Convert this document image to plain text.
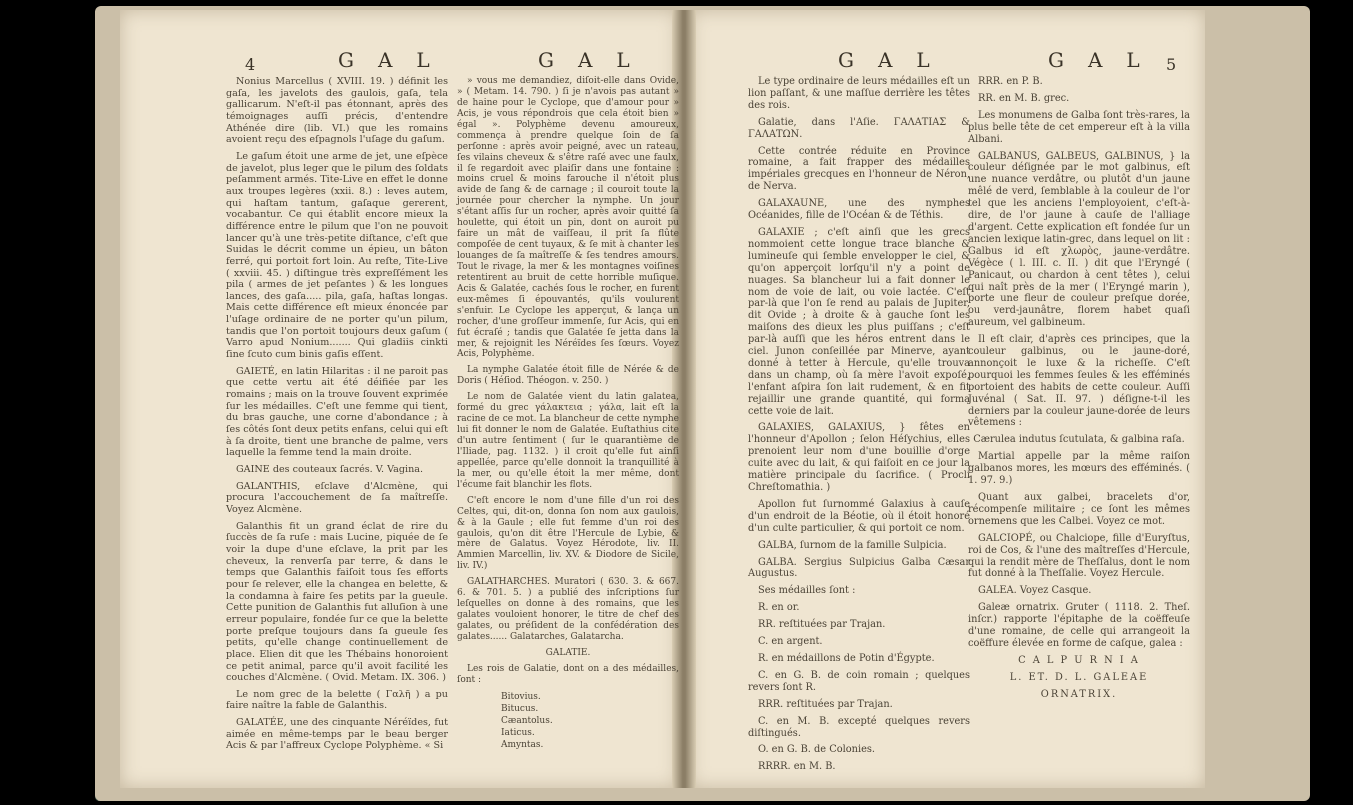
4	GAL	GAL	GAL	GAL 5

Nonius Marcellus ( XVIII. 19. ) définit les gaſa, les javelots des gaulois, gaſa, tela gallicarum. N'eſt-il pas étonnant, après des témoignages auſſi précis, d'entendre Athénée dire (lib. VI.) que les romains avoient reçu des eſpagnols l'uſage du gaſum.

Le gaſum étoit une arme de jet, une eſpèce de javelot, plus leger que le pilum des ſoldats peſamment armés. Tite-Live en effet le donne aux troupes legères (xxii. 8.) : leves autem, qui haſtam tantum, gaſaque gererent, vocabantur. Ce qui établit encore mieux la différence entre le pilum que l'on ne pouvoit lancer qu'à une très-petite diſtance, c'eſt que Suidas le décrit comme un épieu, un bâton ferré, qui portoit fort loin. Au reſte, Tite-Live ( xxviii. 45. ) diſtingue très expreſſément les pila ( armes de jet peſantes ) & les longues lances, des gaſa..... pila, gaſa, haſtas longas. Mais cette différence eſt mieux énoncée par l'uſage ordinaire de ne porter qu'un pilum, tandis que l'on portoit toujours deux gaſum ( Varro apud Nonium....... Qui gladiis cinkti ſine ſcuto cum binis gaſis eſſent.

GAIETÉ, en latin Hilaritas : il ne paroit pas que cette vertu ait été déifiée par les romains ; mais on la trouve ſouvent exprimée ſur les médailles. C'eſt une femme qui tient, du bras gauche, une corne d'abondance ; à ſes côtés ſont deux petits enfans, celui qui eſt à ſa droite, tient une branche de palme, vers laquelle la femme tend la main droite.

GAINE des couteaux ſacrés. V. Vagina.

GALANTHIS, eſclave d'Alcmène, qui procura l'accouchement de ſa maîtreſſe. Voyez Alcmène.

Galanthis fit un grand éclat de rire du ſuccès de ſa ruſe : mais Lucine, piquée de ſe voir la dupe d'une eſclave, la prit par les cheveux, la renverſa par terre, & dans le temps que Galanthis faiſoit tous ſes efforts pour ſe relever, elle la changea en belette, & la condamna à faire ſes petits par la gueule. Cette punition de Galanthis fut alluſion à une erreur populaire, fondée ſur ce que la belette porte preſque toujours dans ſa gueule ſes petits, qu'elle change continuellement de place. Elien dit que les Thébains honoroient ce petit animal, parce qu'il avoit facilité les couches d'Alcmène. ( Ovid. Metam. IX. 306. )

Le nom grec de la belette ( Γαλῆ ) a pu faire naître la fable de Galanthis.

GALATÉE, une des cinquante Néréïdes, fut aimée en même-temps par le beau berger Acis & par l'affreux Cyclope Polyphème. « Si

» vous me demandiez, diſoit-elle dans Ovide, » ( Metam. 14. 790. ) ſi je n'avois pas autant » de haine pour le Cyclope, que d'amour pour » Acis, je vous répondrois que cela étoit bien » égal ». Polyphème devenu amoureux, commença à prendre quelque ſoin de ſa perſonne : après avoir peigné, avec un rateau, ſes vilains cheveux & s'être raſé avec une faulx, il ſe regardoit avec plaiſir dans une fontaine : moins cruel & moins farouche il n'étoit plus avide de ſang & de carnage ; il couroit toute la journée pour chercher la nymphe. Un jour s'étant aſſis ſur un rocher, après avoir quitté ſa houlette, qui étoit un pin, dont on auroit pu faire un mât de vaiſſeau, il prit ſa flûte compoſée de cent tuyaux, & ſe mit à chanter les louanges de ſa maîtreſſe & ſes tendres amours. Tout le rivage, la mer & les montagnes voiſines retentirent au bruit de cette horrible muſique. Acis & Galatée, cachés ſous le rocher, en furent eux-mêmes ſi épouvantés, qu'ils voulurent s'enfuir. Le Cyclope les apperçut, & lança un rocher, d'une groſſeur immenſe, ſur Acis, qui en fut écraſé ; tandis que Galatée ſe jetta dans la mer, & rejoignit les Néréïdes ſes ſœurs. Voyez Acis, Polyphème.

La nymphe Galatée étoit fille de Nérée & de Doris ( Héſiod. Théogon. v. 250. )

Le nom de Galatée vient du latin galatea, formé du grec γάλακτεια ; γάλα, lait eſt la racine de ce mot. La blancheur de cette nymphe lui fit donner le nom de Galatée. Euſtathius cite d'un autre ſentiment ( ſur le quarantième de l'Iliade, pag. 1132. ) il croit qu'elle fut ainſi appellée, parce qu'elle donnoit la tranquillité à la mer, ou qu'elle étoit la mer même, dont l'écume fait blanchir les flots.

C'eſt encore le nom d'une fille d'un roi des Celtes, qui, dit-on, donna ſon nom aux gaulois, & à la Gaule ; elle fut femme d'un roi des gaulois, qu'on dit être l'Hercule de Lybie, & mère de Galatus. Voyez Hérodote, liv. II. Ammien Marcellin, liv. XV. & Diodore de Sicile, liv. IV.)

GALATHARCHES. Muratori ( 630. 3. & 667. 6. & 701. 5. ) a publié des inſcriptions ſur leſquelles on donne à des romains, que les galates vouloient honorer, le titre de chef des galates, ou préſident de la confédération des galates...... Galatarches, Galatarcha.

GALATIE.

Les rois de Galatie, dont on a des médailles, ſont :

Bitovius.
Bitucus.
Cæantolus.
Iaticus.
Amyntas.

Le type ordinaire de leurs médailles eſt un lion paſſant, & une maſſue derrière les têtes des rois.

Galatie, dans l'Aſie. ΓΑΛΑΤΙΑΣ & ΓΑΛΑΤΩΝ.

Cette contrée réduite en Province romaine, a fait frapper des médailles impériales grecques en l'honneur de Néron, de Nerva.

GALAXAUNE, une des nymphes Océanides, fille de l'Océan & de Téthis.

GALAXIE ; c'eſt ainſi que les grecs nommoient cette longue trace blanche & lumineuſe qui ſemble envelopper le ciel, & qu'on apperçoit lorſqu'il n'y a point de nuages. Sa blancheur lui a fait donner le nom de voie de lait, ou voie lactée. C'eſt par-là que l'on ſe rend au palais de Jupiter, dit Ovide ; à droite & à gauche ſont les maiſons des dieux les plus puiſſans ; c'eſt par-là auſſi que les héros entrent dans le ciel. Junon conſeillée par Minerve, ayant donné à tetter à Hercule, qu'elle trouva dans un champ, où ſa mère l'avoit expoſé, l'enfant aſpira ſon lait rudement, & en fit rejaillir une grande quantité, qui forma cette voie de lait.

GALAXIES, GALAXIUS, } fêtes en l'honneur d'Apollon ; ſelon Héſychius, elles prenoient leur nom d'une bouillie d'orge cuite avec du lait, & qui faiſoit en ce jour la matière principale du ſacrifice. ( Procli Chreſtomathia. )

Apollon fut ſurnommé Galaxius à cauſe d'un endroit de la Béotie, où il étoit honoré d'un culte particulier, & qui portoit ce nom.

GALBA, ſurnom de la famille Sulpicia.

GALBA. Sergius Sulpicius Galba Cæsar Augustus.

Ses médailles ſont :

R. en or.

RR. reſtituées par Trajan.

C. en argent.

R. en médaillons de Potin d'Égypte.

C. en G. B. de coin romain ; quelques revers ſont R.

RRR. reſtituées par Trajan.

C. en M. B. excepté quelques revers diſtingués.

O. en G. B. de Colonies.

RRRR. en M. B.

RRR. en P. B.

RR. en M. B. grec.

Les monumens de Galba ſont très-rares, la plus belle tête de cet empereur eſt à la villa Albani.

GALBANUS, GALBEUS, GALBINUS, } la couleur déſignée par le mot galbinus, eſt une nuance verdâtre, ou plutôt d'un jaune mêlé de verd, ſemblable à la couleur de l'or tel que les anciens l'employoient, c'eſt-à-dire, de l'or jaune à cauſe de l'alliage d'argent. Cette explication eſt fondée ſur un ancien lexique latin-grec, dans lequel on lit : Galbus id eſt χλωρὸς, jaune-verdâtre. Végèce ( l. III. c. II. ) dit que l'Eryngé ( Panicaut, ou chardon à cent têtes ), celui qui naît près de la mer ( l'Eryngé marin ), porte une fleur de couleur preſque dorée, ou verd-jaunâtre, florem habet quaſi aureum, vel galbineum.

Il eſt clair, d'après ces principes, que la couleur galbinus, ou le jaune-doré, annonçoit le luxe & la richeſſe. C'eſt pourquoi les femmes ſeules & les efféminés portoient des habits de cette couleur. Auſſi Juvénal ( Sat. II. 97. ) déſigne-t-il les derniers par la couleur jaune-dorée de leurs vêtemens :

Cærulea indutus ſcutulata, & galbina raſa.

Martial appelle par la même raiſon galbanos mores, les mœurs des efféminés. ( 1. 97. 9.)

Quant aux galbei, bracelets d'or, récompenſe militaire ; ce ſont les mêmes ornemens que les Calbei. Voyez ce mot.

GALCIOPÉ, ou Chalciope, fille d'Euryſtus, roi de Cos, & l'une des maîtreſſes d'Hercule, qui la rendit mère de Theſſalus, dont le nom fut donné à la Theſſalie. Voyez Hercule.

GALEA. Voyez Casque.

Galeæ ornatrix. Gruter ( 1118. 2. Theſ. inſcr.) rapporte l'épitaphe de la coëffeuſe d'une romaine, de celle qui arrangeoit la coëffure élevée en forme de caſque, galea :

C A L P U R N I A

L. ET. D. L. GALEAE

ORNATRIX.
